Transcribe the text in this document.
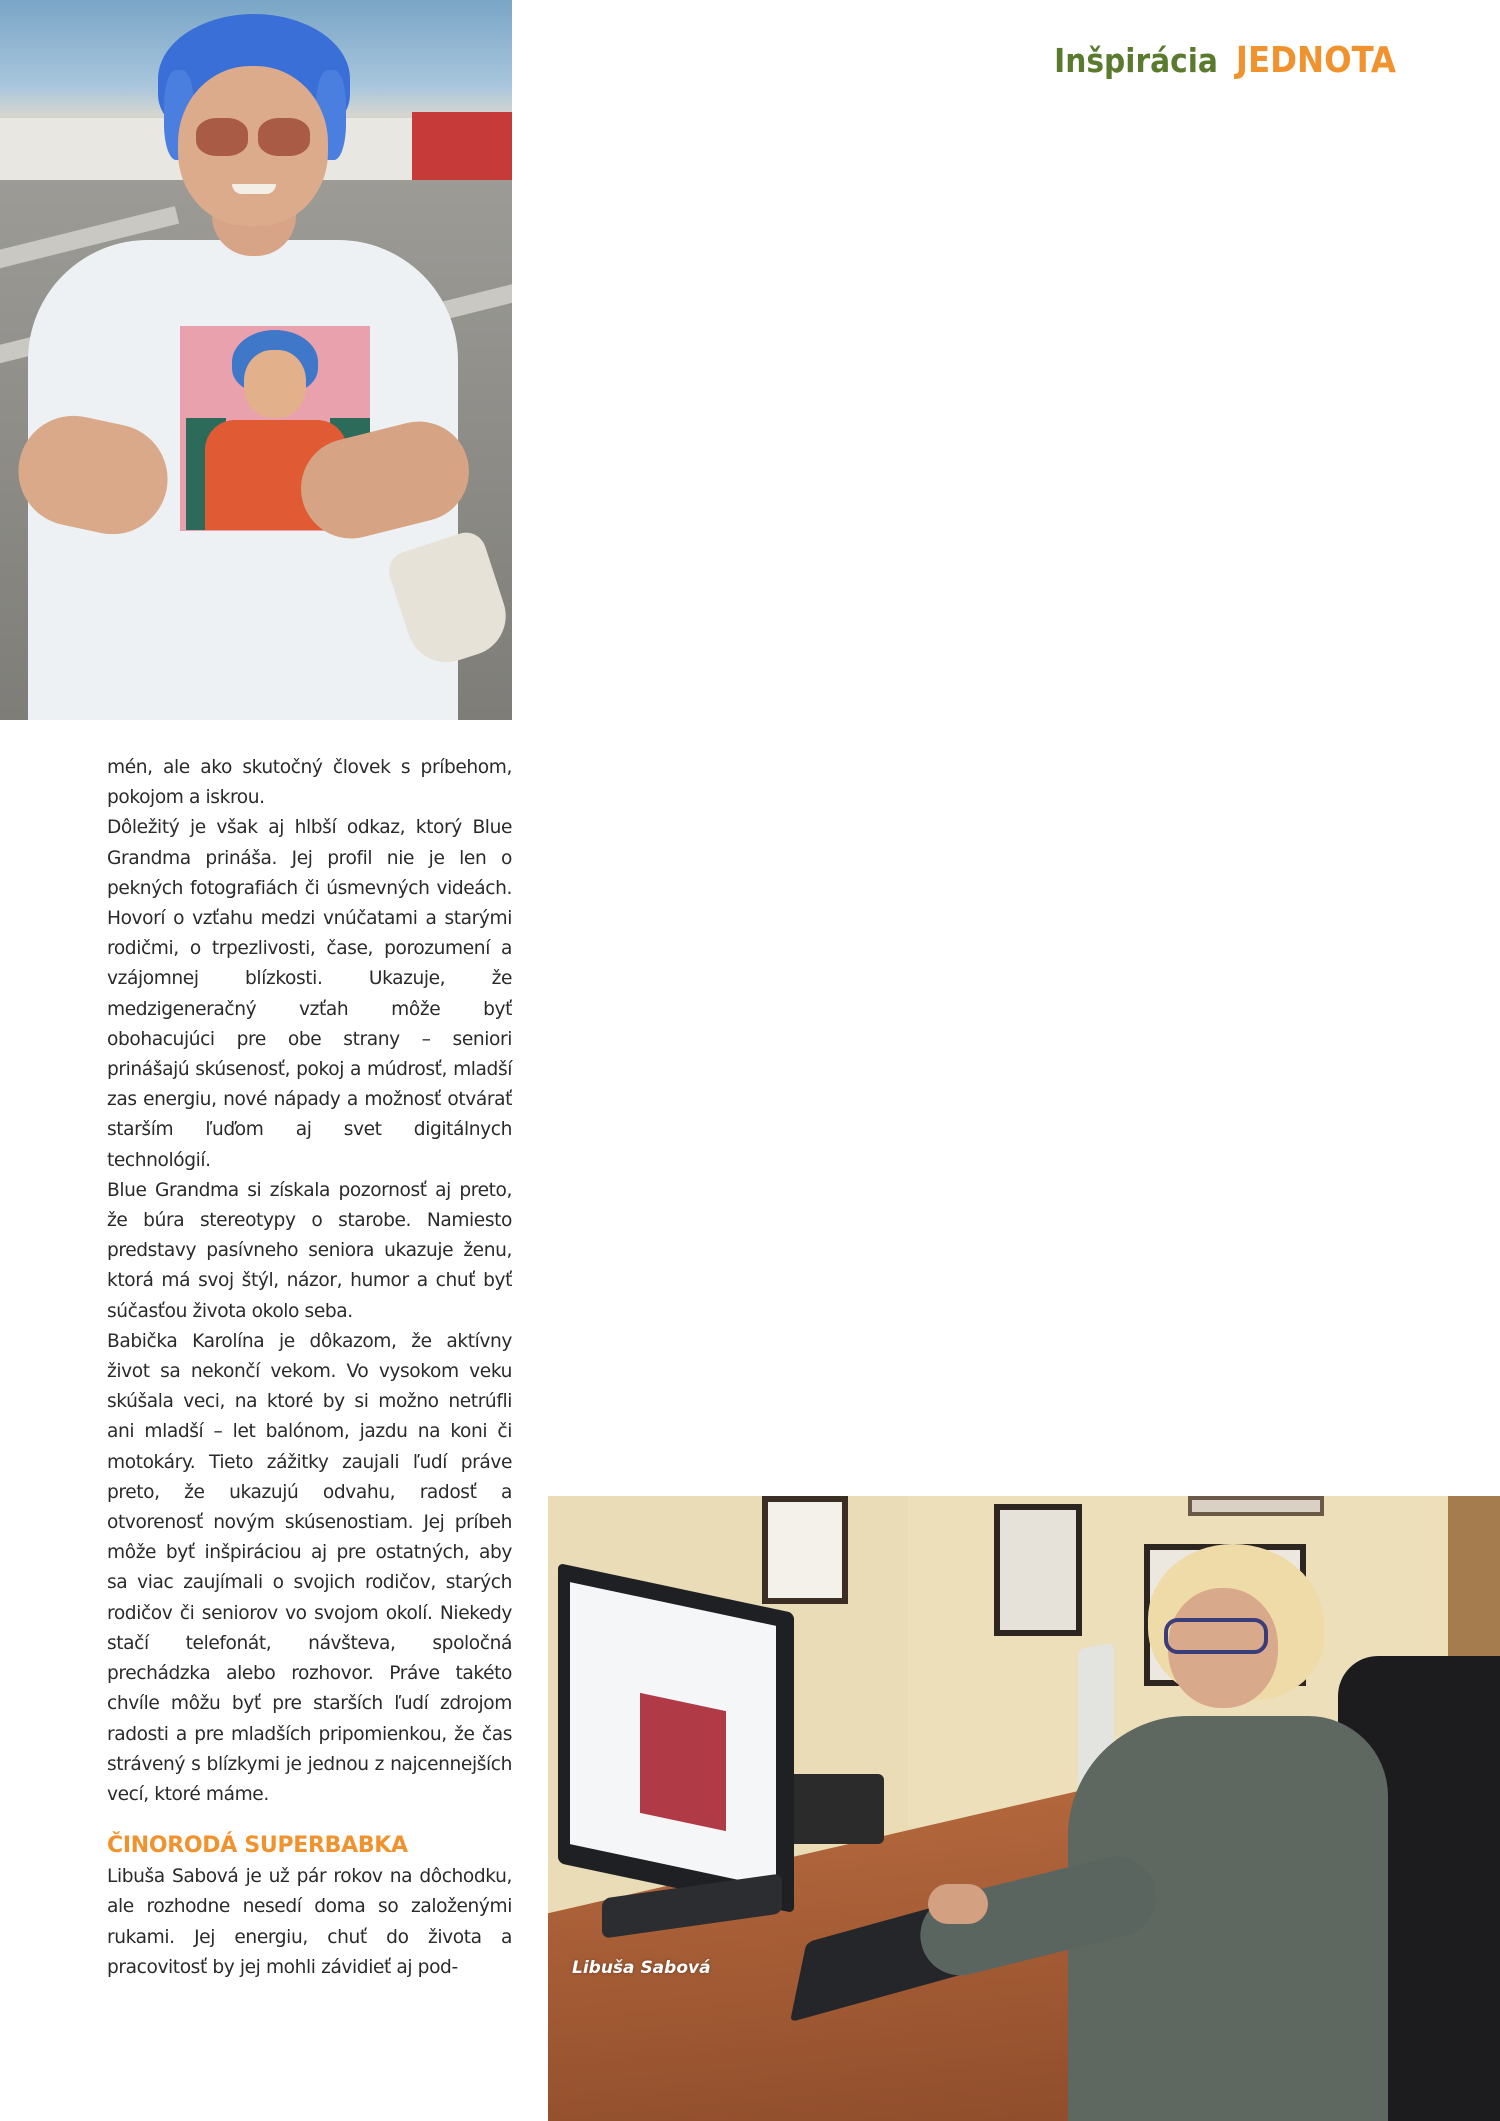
Inšpirácia JEDNOTA

mén, ale ako skutočný človek s príbehom, pokojom a iskrou.

Dôležitý je však aj hlbší odkaz, ktorý Blue Grandma prináša. Jej profil nie je len o pekných fotografiách či úsmevných videách. Hovorí o vzťahu medzi vnúčatami a starými rodičmi, o trpezlivosti, čase, porozumení a vzájomnej blízkosti. Ukazuje, že medzigeneračný vzťah môže byť obohacujúci pre obe strany – seniori prinášajú skúsenosť, pokoj a múdrosť, mladší zas energiu, nové nápady a možnosť otvárať starším ľuďom aj svet digitálnych technológií.

Blue Grandma si získala pozornosť aj preto, že búra stereotypy o starobe. Namiesto predstavy pasívneho seniora ukazuje ženu, ktorá má svoj štýl, názor, humor a chuť byť súčasťou života okolo seba.

Babička Karolína je dôkazom, že aktívny život sa nekončí vekom. Vo vysokom veku skúšala veci, na ktoré by si možno netrúfli ani mladší – let balónom, jazdu na koni či motokáry. Tieto zážitky zaujali ľudí práve preto, že ukazujú odvahu, radosť a otvorenosť novým skúsenostiam. Jej príbeh môže byť inšpiráciou aj pre ostatných, aby sa viac zaujímali o svojich rodičov, starých rodičov či seniorov vo svojom okolí. Niekedy stačí telefonát, návšteva, spoločná prechádzka alebo rozhovor. Práve takéto chvíle môžu byť pre starších ľudí zdrojom radosti a pre mladších pripomienkou, že čas strávený s blízkymi je jednou z najcennejších vecí, ktoré máme.

ČINORODÁ SUPERBABKA

Libuša Sabová je už pár rokov na dôchodku, ale rozhodne nesedí doma so založenými rukami. Jej energiu, chuť do života a pracovitosť by jej mohli závidieť aj pod-	Libuša Sabová
